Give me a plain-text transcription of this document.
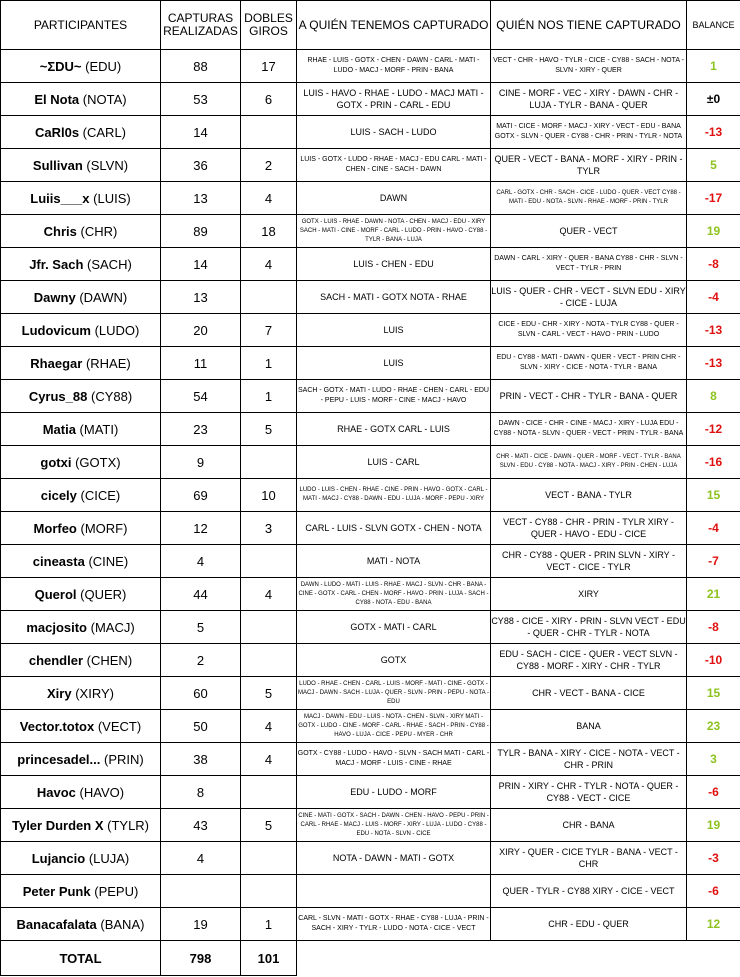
PARTICIPANTES	CAPTURAS REALIZADAS	DOBLES GIROS	A QUIÉN TENEMOS CAPTURADO	QUIÉN NOS TIENE CAPTURADO	BALANCE
~ΣDU~ (EDU)	88	17	RHAE - LUIS - GOTX - CHEN - DAWN - CARL - MATI - LUDO - MACJ - MORF - PRIN - BANA	VECT - CHR - HAVO - TYLR - CICE - CY88 - SACH - NOTA - SLVN - XIRY - QUER	1
El Nota (NOTA)	53	6	LUIS - HAVO - RHAE - LUDO - MACJ MATI - GOTX - PRIN - CARL - EDU	CINE - MORF - VEC - XIRY - DAWN - CHR - LUJA - TYLR - BANA - QUER	±0
CaRl0s (CARL)	14		LUIS - SACH - LUDO	MATI - CICE - MORF - MACJ - XIRY - VECT - EDU - BANA GOTX - SLVN - QUER - CY88 - CHR - PRIN - TYLR - NOTA	-13
Sullivan (SLVN)	36	2	LUIS - GOTX - LUDO - RHAE - MACJ - EDU CARL - MATI - CHEN - CINE - SACH - DAWN	QUER - VECT - BANA - MORF - XIRY - PRIN - TYLR	5
Luiis___x (LUIS)	13	4	DAWN	CARL - GOTX - CHR - SACH - CICE - LUDO - QUER - VECT CY88 - MATI - EDU - NOTA - SLVN - RHAE - MORF - PRIN - TYLR	-17
Chris (CHR)	89	18	GOTX - LUIS - RHAE - DAWN - NOTA - CHEN - MACJ - EDU - XIRY SACH - MATI - CINE - MORF - CARL - LUDO - PRIN - HAVO - CY88 - TYLR - BANA - LUJA	QUER - VECT	19
Jfr. Sach (SACH)	14	4	LUIS - CHEN - EDU	DAWN - CARL - XIRY - QUER - BANA CY88 - CHR - SLVN - VECT - TYLR - PRIN	-8
Dawny (DAWN)	13		SACH - MATI - GOTX NOTA - RHAE	LUIS - QUER - CHR - VECT - SLVN EDU - XIRY - CICE - LUJA	-4
Ludovicum (LUDO)	20	7	LUIS	CICE - EDU - CHR - XIRY - NOTA - TYLR CY88 - QUER - SLVN - CARL - VECT - HAVO - PRIN - LUDO	-13
Rhaegar (RHAE)	11	1	LUIS	EDU - CY88 - MATI - DAWN - QUER - VECT - PRIN CHR - SLVN - XIRY - CICE - NOTA - TYLR - BANA	-13
Cyrus_88 (CY88)	54	1	SACH - GOTX - MATI - LUDO - RHAE - CHEN - CARL - EDU - PEPU - LUIS - MORF - CINE - MACJ - HAVO	PRIN - VECT - CHR - TYLR - BANA - QUER	8
Matia (MATI)	23	5	RHAE - GOTX CARL - LUIS	DAWN - CICE - CHR - CINE - MACJ - XIRY - LUJA EDU - CY88 - NOTA - SLVN - QUER - VECT - PRIN - TYLR - BANA	-12
gotxi (GOTX)	9		LUIS - CARL	CHR - MATI - CICE - DAWN - QUER - MORF - VECT - TYLR - BANA SLVN - EDU - CY88 - NOTA - MACJ - XIRY - PRIN - CHEN - LUJA	-16
cicely (CICE)	69	10	LUDO - LUIS - CHEN - RHAE - CINE - PRIN - HAVO - GOTX - CARL - MATI - MACJ - CY88 - DAWN - EDU - LUJA - MORF - PEPU - XIRY	VECT - BANA - TYLR	15
Morfeo (MORF)	12	3	CARL - LUIS - SLVN GOTX - CHEN - NOTA	VECT - CY88 - CHR - PRIN - TYLR XIRY - QUER - HAVO - EDU - CICE	-4
cineasta (CINE)	4		MATI - NOTA	CHR - CY88 - QUER - PRIN SLVN - XIRY - VECT - CICE - TYLR	-7
Querol (QUER)	44	4	DAWN - LUDO - MATI - LUIS - RHAE - MACJ - SLVN - CHR - BANA - CINE - GOTX - CARL - CHEN - MORF - HAVO - PRIN - LUJA - SACH - CY88 - NOTA - EDU - BANA	XIRY	21
macjosito (MACJ)	5		GOTX - MATI - CARL	CY88 - CICE - XIRY - PRIN - SLVN VECT - EDU - QUER - CHR - TYLR - NOTA	-8
chendler (CHEN)	2		GOTX	EDU - SACH - CICE - QUER - VECT SLVN - CY88 - MORF - XIRY - CHR - TYLR	-10
Xiry (XIRY)	60	5	LUDO - RHAE - CHEN - CARL - LUIS - MORF - MATI - CINE - GOTX - MACJ - DAWN - SACH - LUJA - QUER - SLVN - PRIN - PEPU - NOTA - EDU	CHR - VECT - BANA - CICE	15
Vector.totox (VECT)	50	4	MACJ - DAWN - EDU - LUIS - NOTA - CHEN - SLVN - XIRY MATI - GOTX - LUDO - CINE - MORF - CARL - RHAE - SACH - PRIN - CY88 - HAVO - LUJA - CICE - PEPU - MYER - CHR	BANA	23
princesadel... (PRIN)	38	4	GOTX - CY88 - LUDO - HAVO - SLVN - SACH MATI - CARL - MACJ - MORF - LUIS - CINE - RHAE	TYLR - BANA - XIRY - CICE - NOTA - VECT - CHR - PRIN	3
Havoc (HAVO)	8		EDU - LUDO - MORF	PRIN - XIRY - CHR - TYLR - NOTA - QUER - CY88 - VECT - CICE	-6
Tyler Durden X (TYLR)	43	5	CINE - MATI - GOTX - SACH - DAWN - CHEN - HAVO - PEPU - PRIN - CARL - RHAE - MACJ - LUIS - MORF - XIRY - LUJA - LUDO - CY88 - EDU - NOTA - SLVN - CICE	CHR - BANA	19
Lujancio (LUJA)	4		NOTA - DAWN - MATI - GOTX	XIRY - QUER - CICE TYLR - BANA - VECT - CHR	-3
Peter Punk (PEPU)				QUER - TYLR - CY88 XIRY - CICE - VECT	-6
Banacafalata (BANA)	19	1	CARL - SLVN - MATI - GOTX - RHAE - CY88 - LUJA - PRIN - SACH - XIRY - TYLR - LUDO - NOTA - CICE - VECT	CHR - EDU - QUER	12
TOTAL	798	101			
